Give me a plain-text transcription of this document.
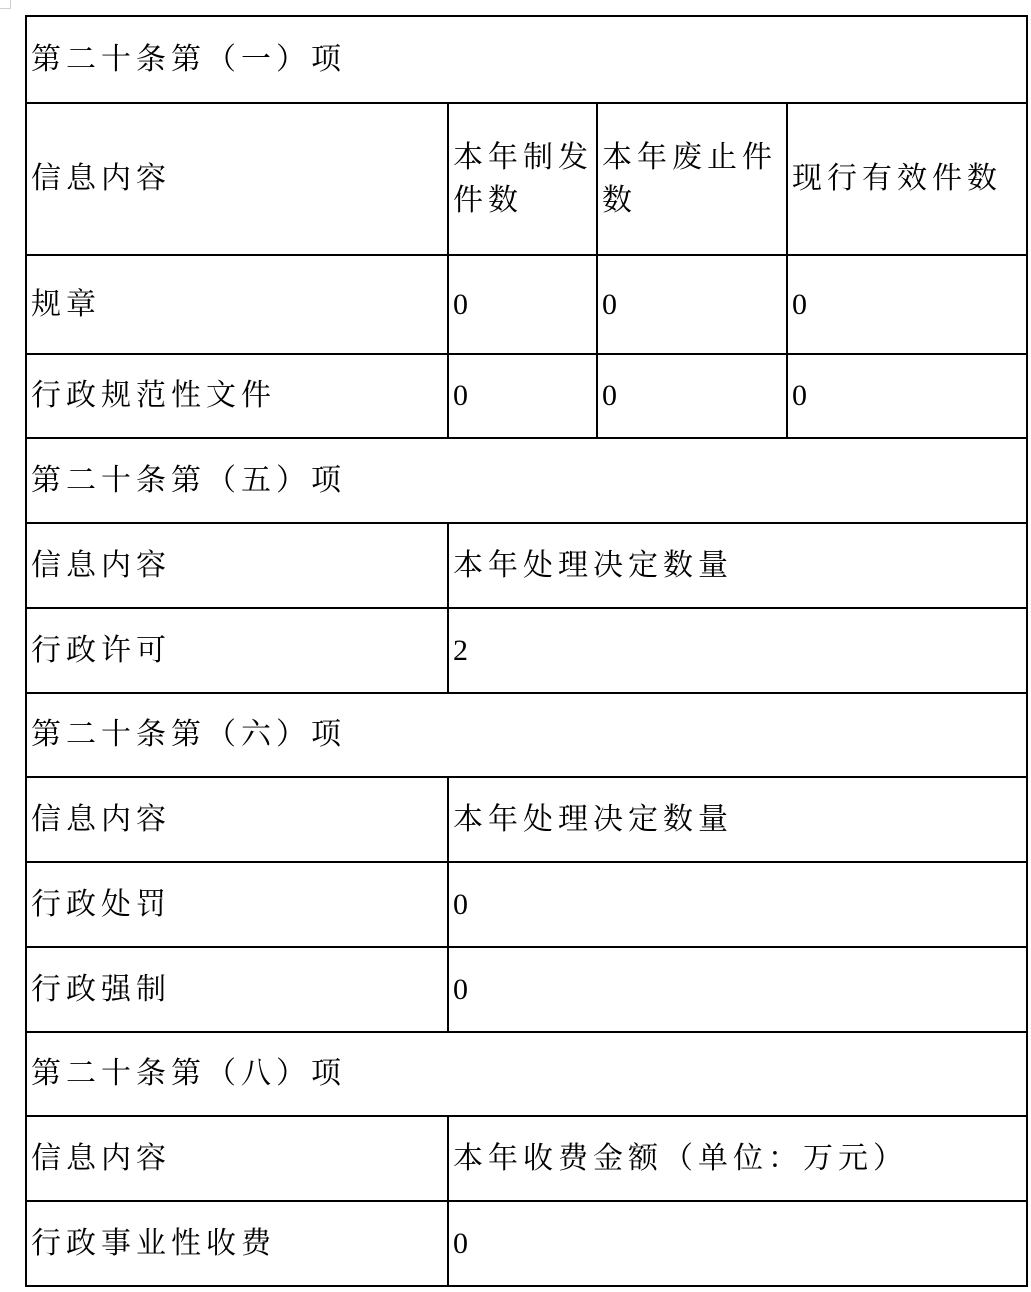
第二十条第（一）项			
信息内容	本年制发件数	本年废止件数	现行有效件数
规章	0	0	0
行政规范性文件	0	0	0
第二十条第（五）项			
信息内容	本年处理决定数量		
行政许可	2		
第二十条第（六）项			
信息内容	本年处理决定数量		
行政处罚	0		
行政强制	0		
第二十条第（八）项			
信息内容	本年收费金额（单位：万元）		
行政事业性收费	0		
